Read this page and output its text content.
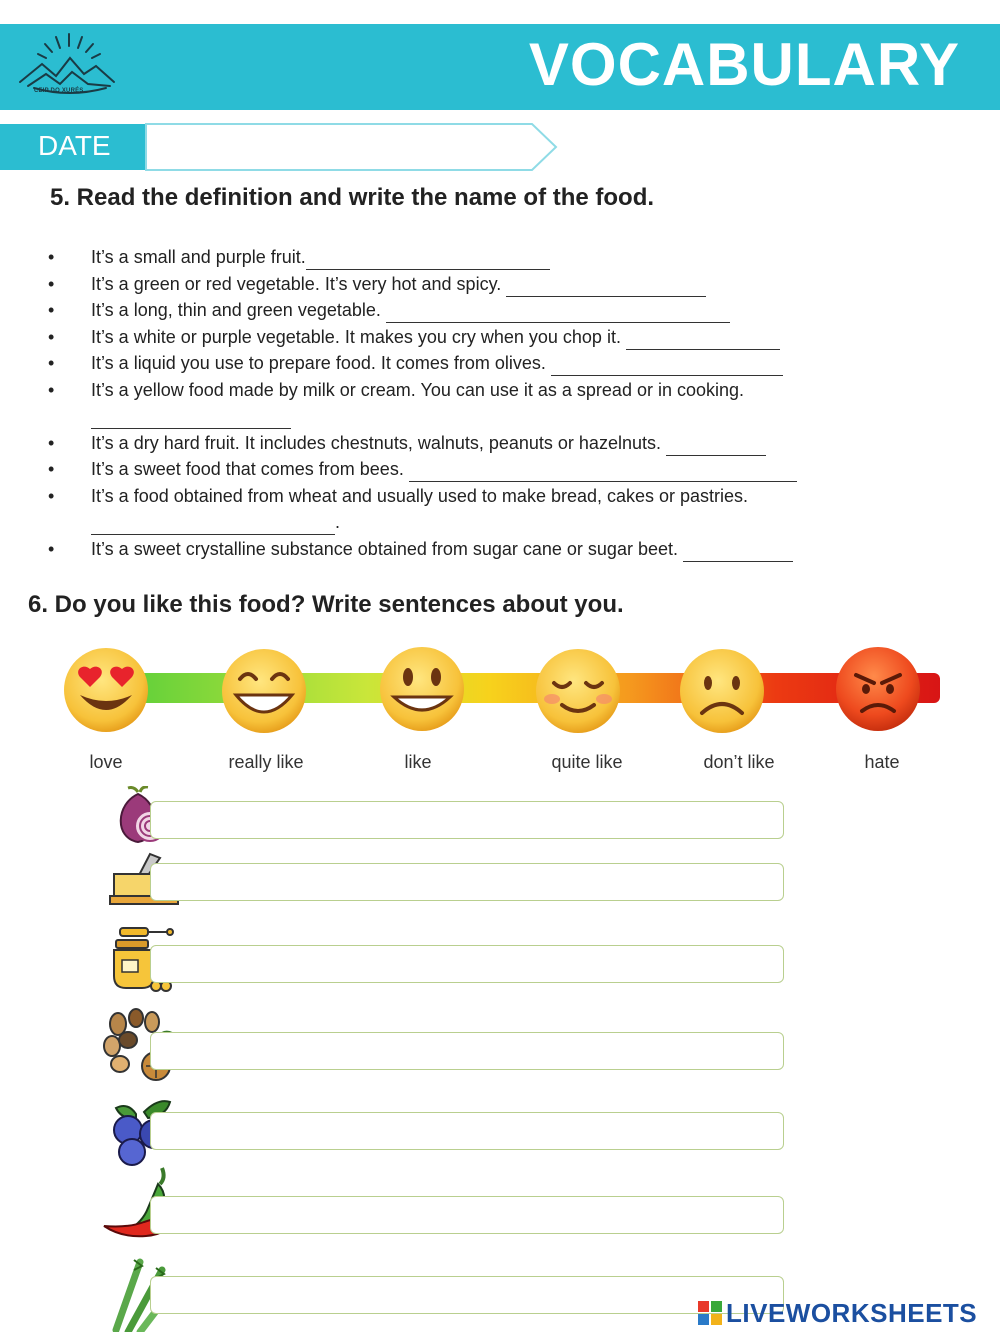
CEIP DO XURÉS	VOCABULARY
DATE
5. Read the definition and write the name of the food.
• It’s a small and purple fruit.
• It’s a green or red vegetable. It’s very hot and spicy.
• It’s a long, thin and green vegetable.
• It’s a white or purple vegetable. It makes you cry when you chop it.
• It’s a liquid you use to prepare food. It comes from olives.
• It’s a yellow food made by milk or cream. You can use it as a spread or in cooking.
• It’s a dry hard fruit. It includes chestnuts, walnuts, peanuts or hazelnuts.
• It’s a sweet food that comes from bees.
• It’s a food obtained from wheat and usually used to make bread, cakes or pastries.
.
• It’s a sweet crystalline substance obtained from sugar cane or sugar beet.
6. Do you like this food? Write sentences about you.
love	really like	like	quite like	don’t like	hate
LIVEWORKSHEETS
